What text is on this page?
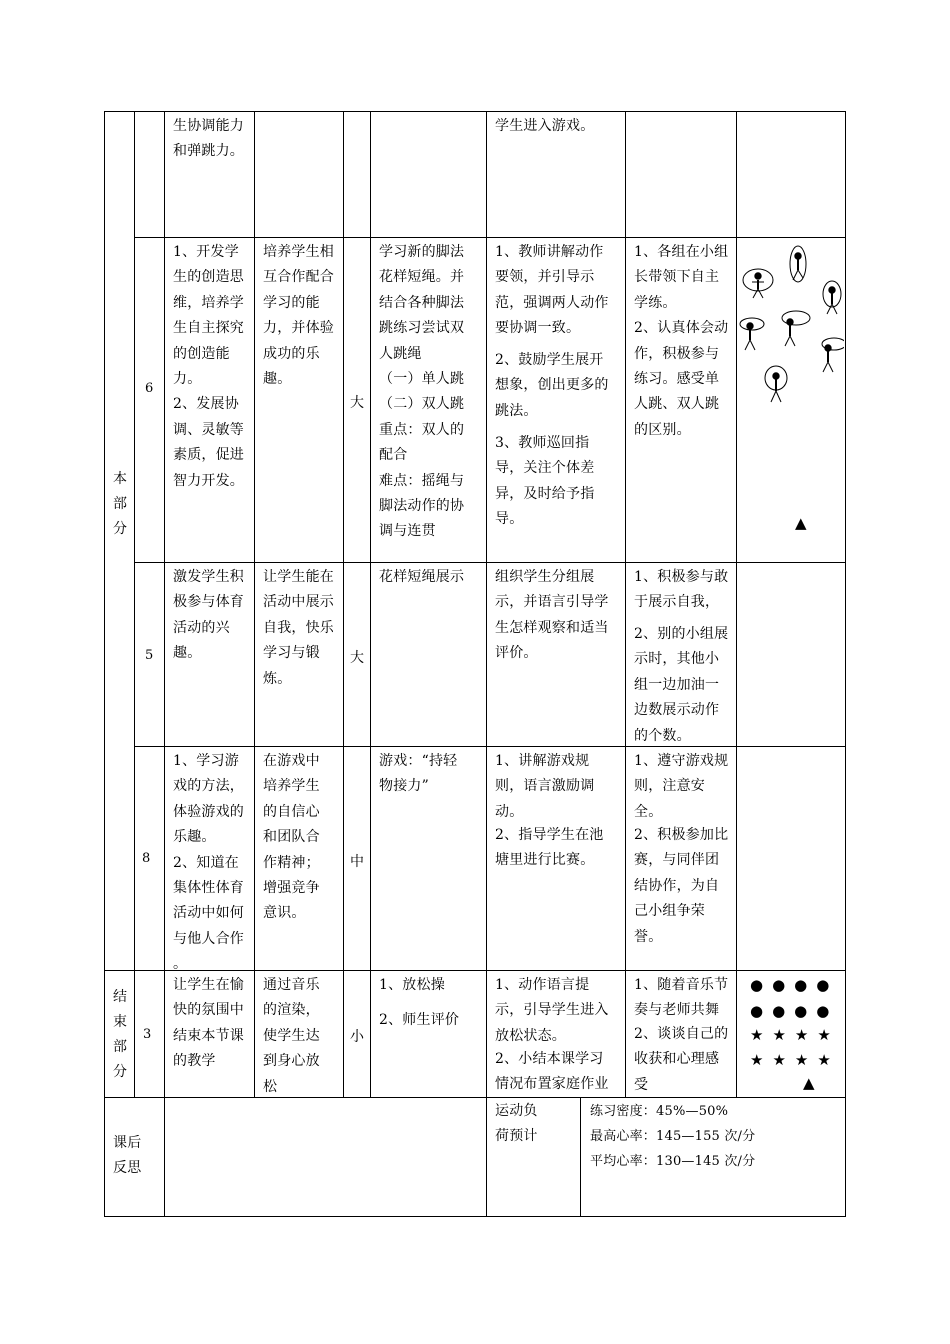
本
部
分
结
束
部
分
课后
反思
生协调能力
和弹跳力。
学生进入游戏。
6
1、开发学
生的创造思
维，培养学
生自主探究
的创造能
力。
2、发展协
调、灵敏等
素质，促进
智力开发。
培养学生相
互合作配合
学习的能
力，并体验
成功的乐
趣。
大
学习新的脚法
花样短绳。并
结合各种脚法
跳练习尝试双
人跳绳
（一）单人跳
（二）双人跳
重点：双人的
配合
难点：摇绳与
脚法动作的协
调与连贯
1、教师讲解动作
要领，并引导示
范，强调两人动作
要协调一致。
2、鼓励学生展开
想象，创出更多的
跳法。
3、教师巡回指
导，关注个体差
异，及时给予指
导。
1、各组在小组
长带领下自主
学练。
2、认真体会动
作，积极参与
练习。感受单
人跳、双人跳
的区别。
▲
5
激发学生积
极参与体育
活动的兴
趣。
让学生能在
活动中展示
自我，快乐
学习与锻
炼。
大
花样短绳展示	组织学生分组展
示，并语言引导学
生怎样观察和适当
评价。
1、积极参与敢
于展示自我，
2、别的小组展
示时，其他小
组一边加油一
边数展示动作
的个数。
8
1、学习游
戏的方法，
体验游戏的
乐趣。
2、知道在
集体性体育
活动中如何
与他人合作
。
在游戏中
培养学生
的自信心
和团队合
作精神；
增强竞争
意识。
中
游戏：“持轻
物接力”
1、讲解游戏规
则，语言激励调
动。
2、指导学生在池
塘里进行比赛。
1、遵守游戏规
则，注意安
全。
2、积极参加比
赛，与同伴团
结协作，为自
己小组争荣
誉。
3
让学生在愉
快的氛围中
结束本节课
的教学
通过音乐
的渲染，
使学生达
到身心放
松
小
1、放松操
2、师生评价
1、动作语言提
示，引导学生进入
放松状态。
2、小结本课学习
情况布置家庭作业
1、随着音乐节
奏与老师共舞
2、谈谈自己的
收获和心理感
受
●●●●
●●●●
★★★★
★★★★
▲
运动负
荷预计
练习密度：45%—50%
最高心率：145—155 次/分
平均心率：130—145 次/分
